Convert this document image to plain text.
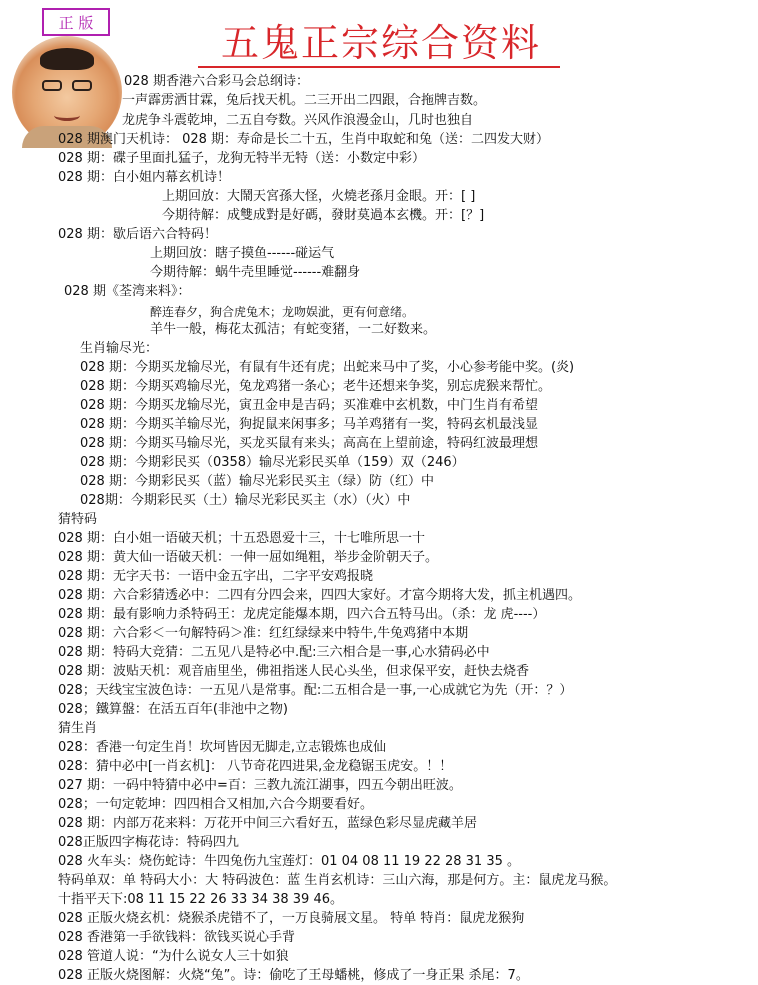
正 版	五鬼正宗综合资料
028 期香港六合彩马会总纲诗：
一声霹雳洒甘霖，兔后找天机。二三开出二四跟，合拖牌吉数。
龙虎争斗震乾坤，二五自夸数。兴风作浪漫金山，几时也独自
028 期澳门天机诗： 028 期：寿命是长二十五，生肖中取蛇和兔（送：二四发大财）
028 期：碟子里面扎猛子，龙狗无特半无特（送：小数定中彩）
028 期：白小姐内幕玄机诗！
上期回放：大鬧天宮孫大怪，火燒老孫月金眼。开：[ ]
今期待解：成雙成對是好碼，發財莫過本玄機。开：[？]
028 期：歇后语六合特码！
上期回放：瞎子摸鱼------碰运气
今期待解：蜗牛壳里睡觉------难翻身
028 期《荃湾来料》：
醉连春夕，狗合虎兔木；龙吻娱泚，更有何意绪。
羊牛一般，梅花太孤洁；有蛇变猪，一二好数来。
生肖输尽光：
028 期：今期买龙输尽光，有鼠有牛还有虎；出蛇来马中了奖，小心参考能中奖。(炎)
028 期：今期买鸡输尽光，兔龙鸡猪一条心；老牛还想来争奖，别忘虎猴来帮忙。
028 期：今期买龙输尽光，寅丑金申是吉码；买准难中玄机数，中门生肖有希望
028 期：今期买羊输尽光，狗捉鼠来闲事多；马羊鸡猪有一奖，特码玄机最浅显
028 期：今期买马输尽光，买龙买鼠有来头；高高在上望前途，特码红波最理想
028 期：今期彩民买（0358）输尽光彩民买单（159）双（246）
028 期：今期彩民买（蓝）输尽光彩民买主（绿）防（红）中
028期：今期彩民买（土）输尽光彩民买主（水）（火）中
猜特码
028 期：白小姐一语破天机；十五恐恩爱十三，十七唯所思一十
028 期：黄大仙一语破天机：一伸一屈如绳粗，举步金阶朝天子。
028 期：无字天书：一语中金五字出，二字平安鸡报晓
028 期：六合彩猜透必中：二四有分四会来，四四大家好。才富今期将大发，抓主机遇四。
028 期：最有影响力杀特码王：龙虎定能爆本期，四六合五特马出。（杀：龙 虎----）
028 期：六合彩＜一句解特码＞准：红红绿绿来中特牛,牛兔鸡猪中本期
028 期：特码大竞猜：二五见八是特必中.配:三六相合是一事,心水猜码必中
028 期：波贴天机：观音庙里坐，佛祖指迷人民心头坐，但求保平安，赶快去烧香
028；天线宝宝波色诗：一五见八是常事。配:二五相合是一事,一心成就它为先（开：？）
028；鐵算盤：在活五百年(非池中之物)
猜生肖
028：香港一句定生肖！坎坷皆因无脚走,立志锻炼也成仙
028：猜中必中[一肖玄机]： 八节奇花四进果,金龙稳锯玉虎安。！！
027 期：一码中特猜中必中=百：三教九流江湖事，四五今朝出旺波。
028；一句定乾坤：四四相合又相加,六合今期要看好。
028 期：内部万花来料：万花开中间三六看好五，蓝绿色彩尽显虎藏羊居
028正版四字梅花诗：特码四九
028 火车头：烧伤蛇诗：牛四兔伤九宝莲灯：01 04 08 11 19 22 28 31 35 。
特码单双：单 特码大小：大 特码波色：蓝 生肖玄机诗：三山六海，那是何方。主：鼠虎龙马猴。
十指平天下:08 11 15 22 26 33 34 38 39 46。
028 正版火烧玄机：烧猴杀虎错不了，一万良骑展文星。 特单 特肖：鼠虎龙猴狗
028 香港第一手欲钱料：欲钱买说心手背
028 管道人说：“为什么说女人三十如狼
028 正版火烧图解：火烧“兔”。诗：偷吃了王母蟠桃，修成了一身正果 杀尾：7。
